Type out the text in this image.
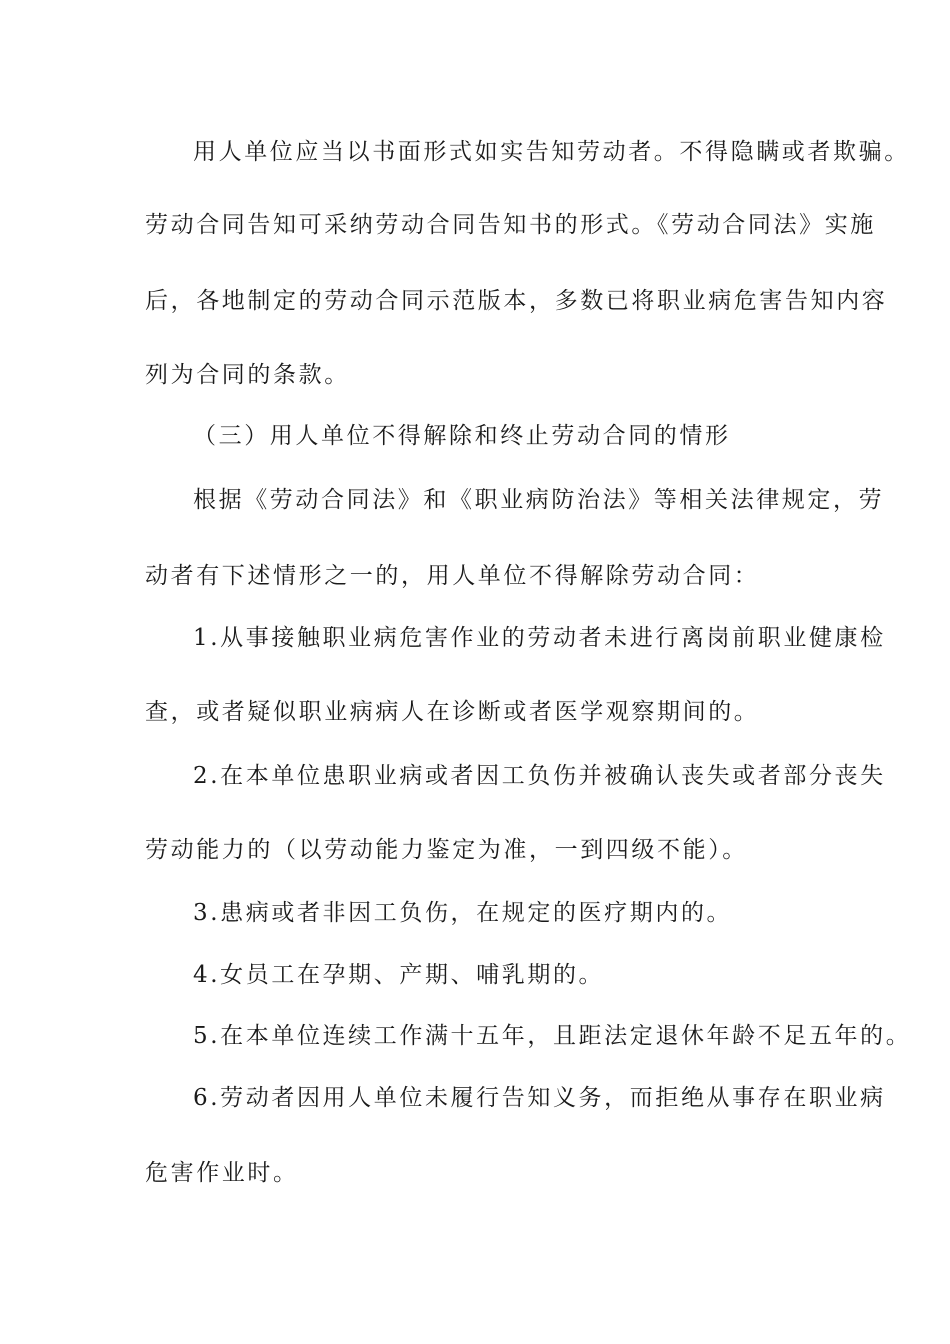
用人单位应当以书面形式如实告知劳动者。不得隐瞒或者欺骗。
劳动合同告知可采纳劳动合同告知书的形式。《劳动合同法》实施
后，各地制定的劳动合同示范版本，多数已将职业病危害告知内容
列为合同的条款。
（三）用人单位不得解除和终止劳动合同的情形
根据《劳动合同法》和《职业病防治法》等相关法律规定，劳
动者有下述情形之一的，用人单位不得解除劳动合同：
1.从事接触职业病危害作业的劳动者未进行离岗前职业健康检
查，或者疑似职业病病人在诊断或者医学观察期间的。
2.在本单位患职业病或者因工负伤并被确认丧失或者部分丧失
劳动能力的（以劳动能力鉴定为准，一到四级不能）。
3.患病或者非因工负伤，在规定的医疗期内的。
4.女员工在孕期、产期、哺乳期的。
5.在本单位连续工作满十五年，且距法定退休年龄不足五年的。
6.劳动者因用人单位未履行告知义务，而拒绝从事存在职业病
危害作业时。
